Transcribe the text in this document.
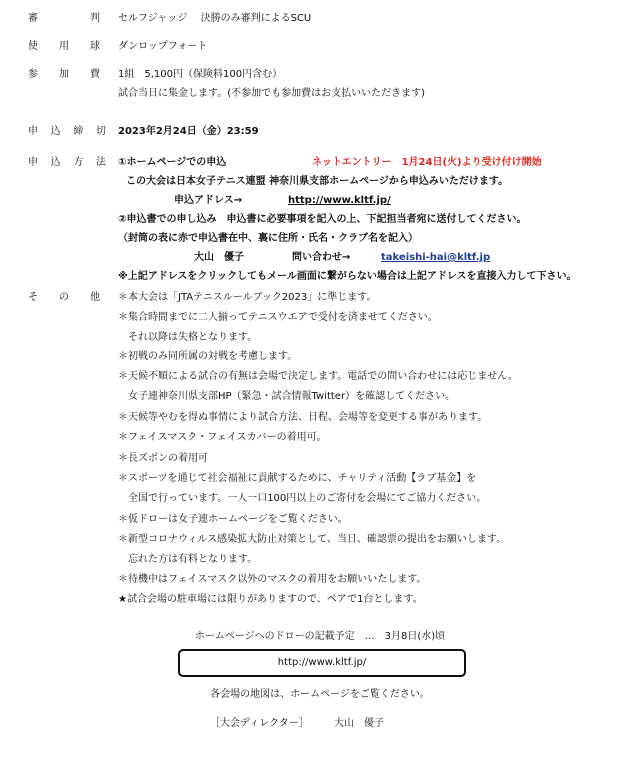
審	判 セルフジャッジ　 決勝のみ審判によるSCU
使 用 球 ダンロップフォート
参 加 費 1組　5,100円（保険料100円含む）
試合当日に集金します。(不参加でも参加費はお支払いいただきます)
申 込 締 切 2023年2月24日（金）23:59
申 込 方 法 ①ホームページでの申込	ネットエントリー　1月24日(火)より受け付け開始
この大会は日本女子テニス連盟 神奈川県支部ホームページから申込みいただけます。
申込アドレス→	http://www.kltf.jp/
②申込書での申し込み　申込書に必要事項を記入の上、下記担当者宛に送付してください。
（封筒の表に赤で申込書在中、裏に住所・氏名・クラブ名を記入）
大山　優子	問い合わせ→	takeishi-hai@kltf.jp
※上記アドレスをクリックしてもメール画面に繋がらない場合は上記アドレスを直接入力して下さい。
そ の 他 ＊本大会は「JTAテニスルールブック2023」に準じます。
＊集合時間までに二人揃ってテニスウエアで受付を済ませてください。
　それ以降は失格となります。
＊初戦のみ同所属の対戦を考慮します。
＊天候不順による試合の有無は会場で決定します。電話での問い合わせには応じません。
　女子連神奈川県支部HP（緊急・試合情報Twitter）を確認してください。
＊天候等やむを得ぬ事情により試合方法、日程、会場等を変更する事があります。
＊フェイスマスク・フェイスカバーの着用可。
＊長ズボンの着用可
＊スポーツを通じて社会福祉に貢献するために、チャリティ活動【ラブ基金】を
　全国で行っています。一人一口100円以上のご寄付を会場にてご協力ください。
＊仮ドローは女子連ホームページをご覧ください。
＊新型コロナウィルス感染拡大防止対策として、当日、確認票の提出をお願いします。
　忘れた方は有料となります。
＊待機中はフェイスマスク以外のマスクの着用をお願いいたします。
★試合会場の駐車場には限りがありますので、ペアで1台とします。
ホームページへのドローの記載予定　…　3月8日(水)頃
http://www.kltf.jp/
各会場の地図は、ホームページをご覧ください。
［大会ディレクター］	大山　優子
